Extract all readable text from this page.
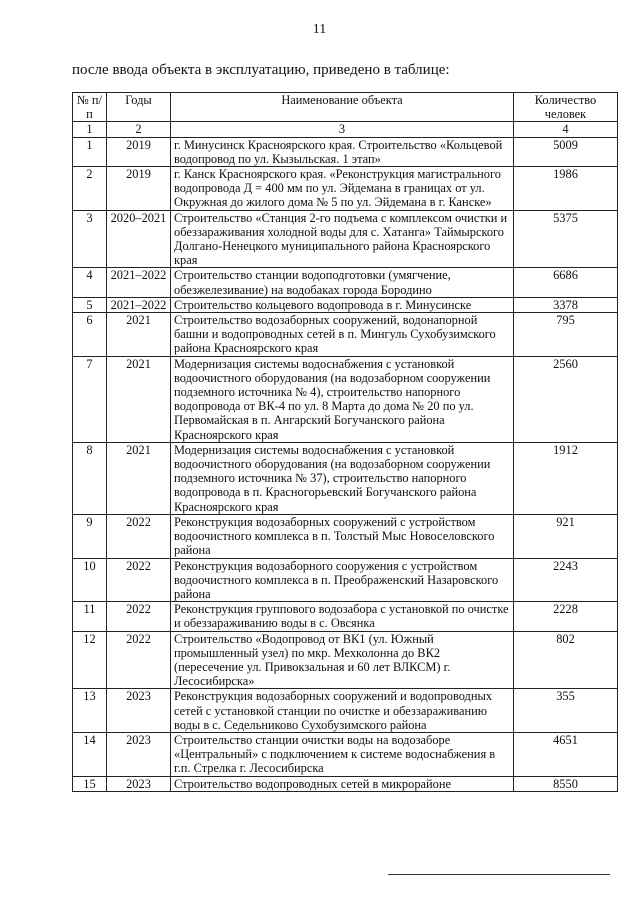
11
после ввода объекта в эксплуатацию, приведено в таблице:
№ п/п	Годы	Наименование объекта	Количество человек
1	2	3	4
1	2019	г. Минусинск Красноярского края. Строительство «Кольцевой водопровод по ул. Кызыльская. 1 этап»	5009
2	2019	г. Канск Красноярского края. «Реконструкция магистрального водопровода Д = 400 мм по ул. Эйдемана в границах от ул. Окружная до жилого дома № 5 по ул. Эйдемана в г. Канске»	1986
3	2020–2021	Строительство «Станция 2-го подъема с комплексом очистки и обеззараживания холодной воды для с. Хатанга» Таймырского Долгано-Ненецкого муниципального района Красноярского края	5375
4	2021–2022	Строительство станции водоподготовки (умягчение, обезжелезивание) на водобаках города Бородино	6686
5	2021–2022	Строительство кольцевого водопровода в г. Минусинске	3378
6	2021	Строительство водозаборных сооружений, водонапорной башни и водопроводных сетей в п. Мингуль Сухобузимского района Красноярского края	795
7	2021	Модернизация системы водоснабжения с установкой водоочистного оборудования (на водозаборном сооружении подземного источника № 4), строительство напорного водопровода от ВК-4 по ул. 8 Марта до дома № 20 по ул. Первомайская в п. Ангарский Богучанского района Красноярского края	2560
8	2021	Модернизация системы водоснабжения с установкой водоочистного оборудования (на водозаборном сооружении подземного источника № 37), строительство напорного водопровода в п. Красногорьевский Богучанского района Красноярского края	1912
9	2022	Реконструкция водозаборных сооружений с устройством водоочистного комплекса в п. Толстый Мыс Новоселовского района	921
10	2022	Реконструкция водозаборного сооружения с устройством водоочистного комплекса в п. Преображенский Назаровского района	2243
11	2022	Реконструкция группового водозабора с установкой по очистке и обеззараживанию воды в с. Овсянка	2228
12	2022	Строительство «Водопровод от ВК1 (ул. Южный промышленный узел) по мкр. Мехколонна до ВК2 (пересечение ул. Привокзальная и 60 лет ВЛКСМ) г. Лесосибирска»	802
13	2023	Реконструкция водозаборных сооружений и водопроводных сетей с установкой станции по очистке и обеззараживанию воды в с. Седельниково Сухобузимского района	355
14	2023	Строительство станции очистки воды на водозаборе «Центральный» с подключением к системе водоснабжения в г.п. Стрелка г. Лесосибирска	4651
15	2023	Строительство водопроводных сетей в микрорайоне	8550
